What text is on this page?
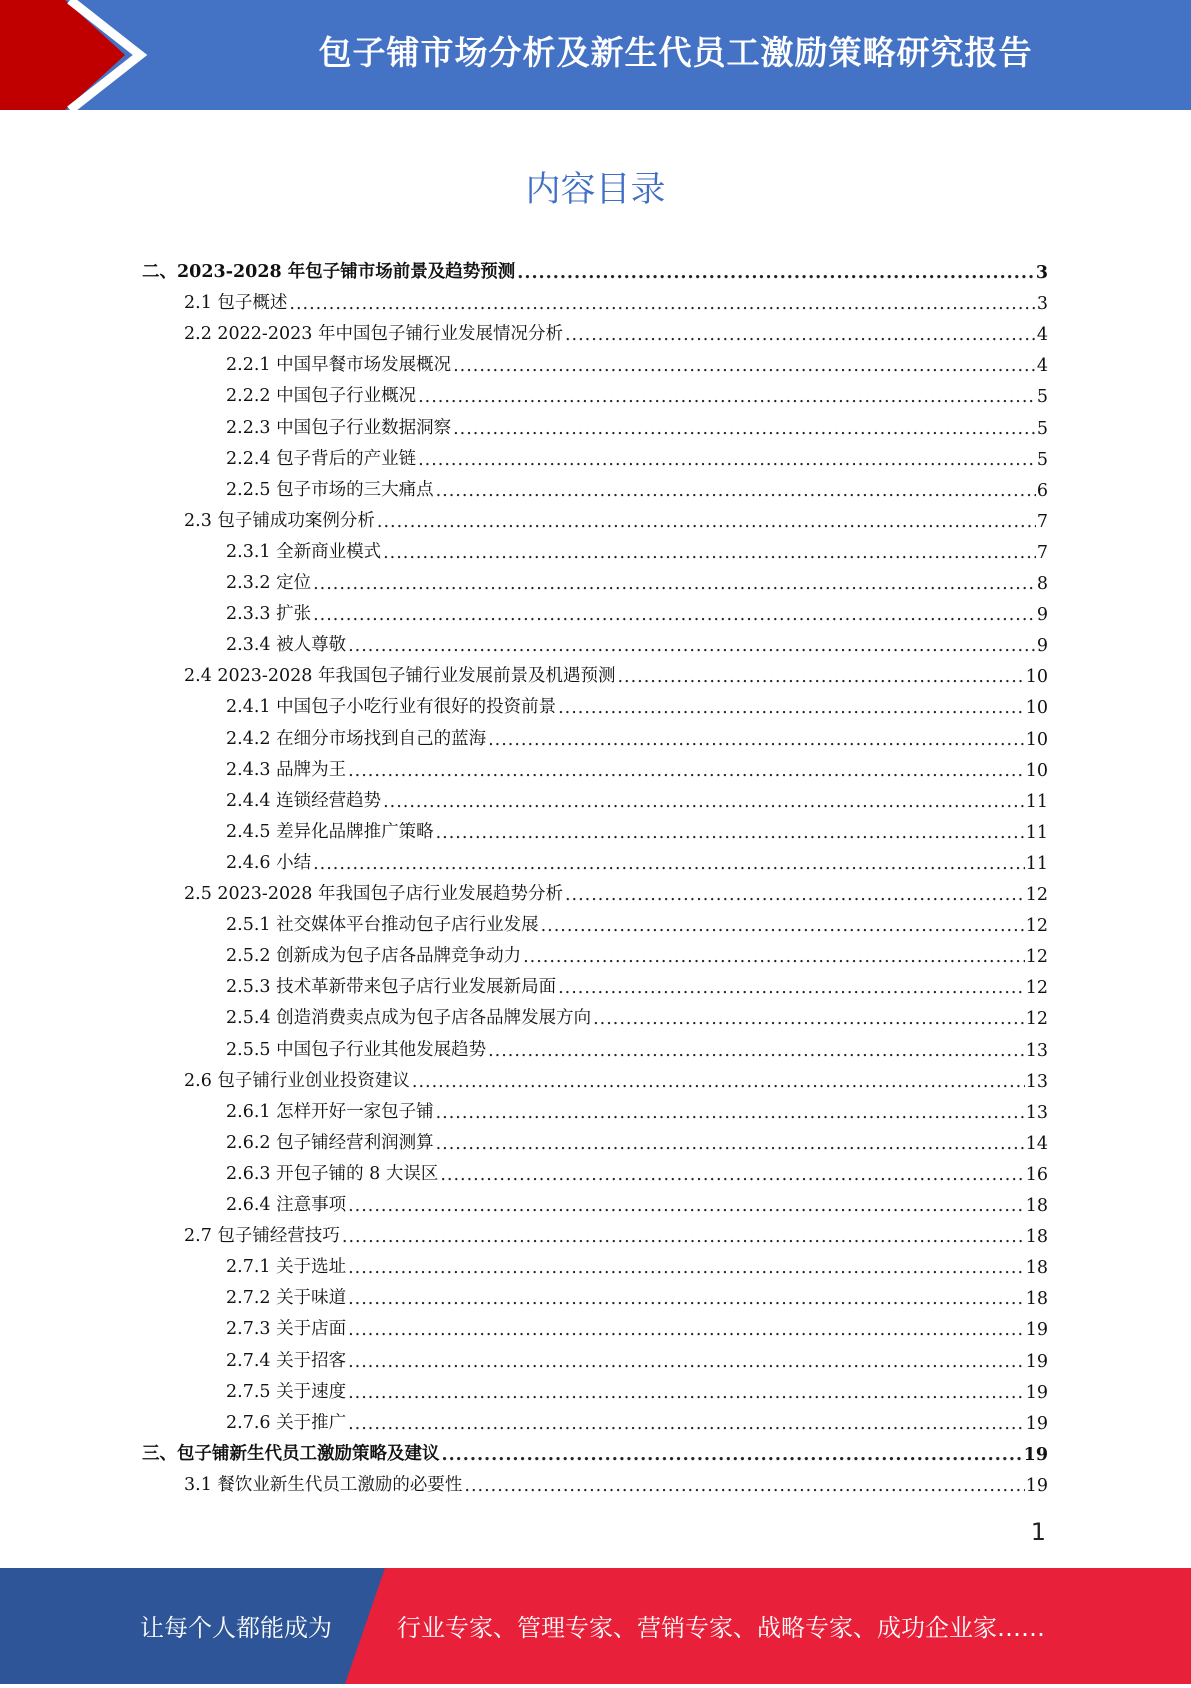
包子铺市场分析及新生代员工激励策略研究报告
内容目录
二、2023-2028 年包子铺市场前景及趋势预测 .....	3
2.1 包子概述 .....	3
2.2 2022-2023 年中国包子铺行业发展情况分析 .....	4
2.2.1 中国早餐市场发展概况 .....	4
2.2.2 中国包子行业概况 .....	5
2.2.3 中国包子行业数据洞察 .....	5
2.2.4 包子背后的产业链 .....	5
2.2.5 包子市场的三大痛点 .....	6
2.3 包子铺成功案例分析 .....	7
2.3.1 全新商业模式 .....	7
2.3.2 定位 .....	8
2.3.3 扩张 .....	9
2.3.4 被人尊敬 .....	9
2.4 2023-2028 年我国包子铺行业发展前景及机遇预测 .....	10
2.4.1 中国包子小吃行业有很好的投资前景 .....	10
2.4.2 在细分市场找到自己的蓝海 .....	10
2.4.3 品牌为王 .....	10
2.4.4 连锁经营趋势 .....	11
2.4.5 差异化品牌推广策略 .....	11
2.4.6 小结 .....	11
2.5 2023-2028 年我国包子店行业发展趋势分析 .....	12
2.5.1 社交媒体平台推动包子店行业发展 .....	12
2.5.2 创新成为包子店各品牌竞争动力 .....	12
2.5.3 技术革新带来包子店行业发展新局面 .....	12
2.5.4 创造消费卖点成为包子店各品牌发展方向 .....	12
2.5.5 中国包子行业其他发展趋势 .....	13
2.6 包子铺行业创业投资建议 .....	13
2.6.1 怎样开好一家包子铺 .....	13
2.6.2 包子铺经营利润测算 .....	14
2.6.3 开包子铺的 8 大误区 .....	16
2.6.4 注意事项 .....	18
2.7 包子铺经营技巧 .....	18
2.7.1 关于选址 .....	18
2.7.2 关于味道 .....	18
2.7.3 关于店面 .....	19
2.7.4 关于招客 .....	19
2.7.5 关于速度 .....	19
2.7.6 关于推广 .....	19
三、包子铺新生代员工激励策略及建议 .....	19
3.1 餐饮业新生代员工激励的必要性 .....	19
1
让每个人都能成为	行业专家、管理专家、营销专家、战略专家、成功企业家……
